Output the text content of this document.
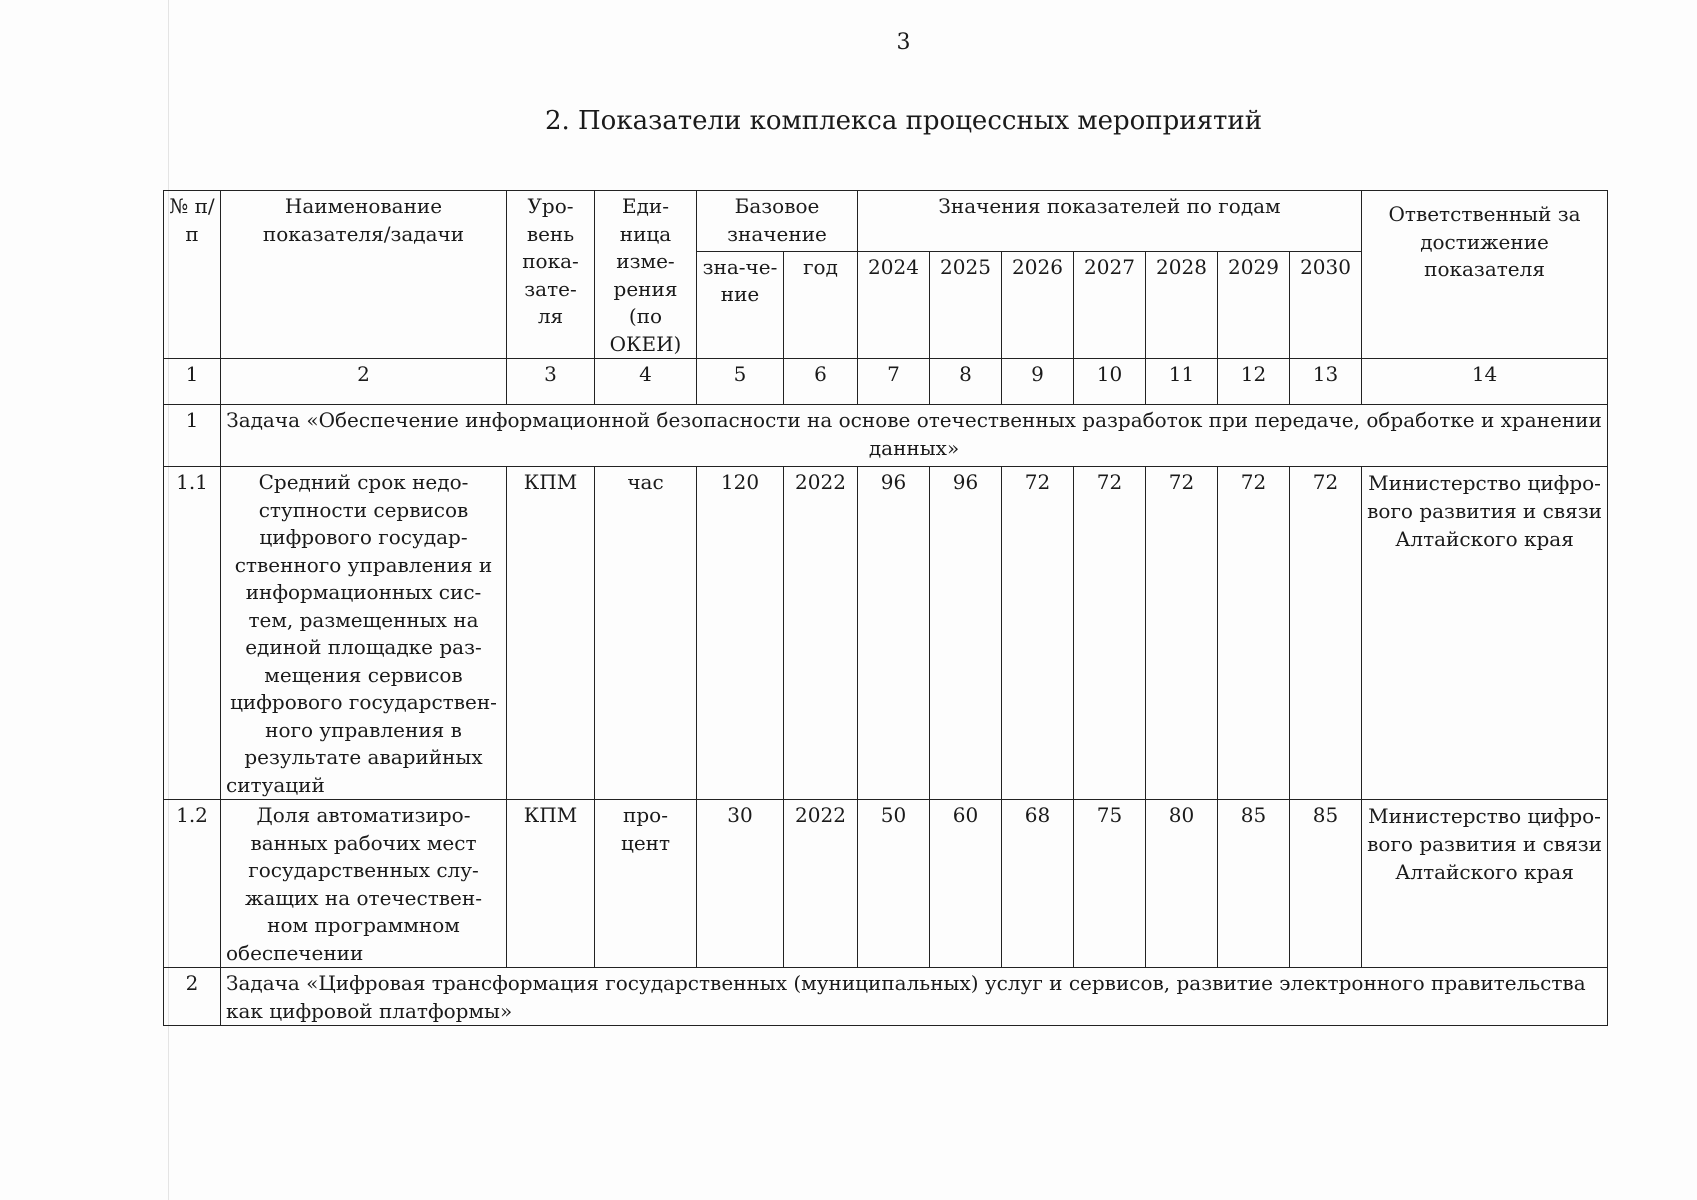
3
2. Показатели комплекса процессных мероприятий
№ п/п	Наименование показателя/задачи	Уро-вень пока-зате-ля	Еди-ница изме-рения (по ОКЕИ)	Базовое значение		Значения показателей по годам							Ответственный за достижение показателя
				зна-че-ние	год	2024	2025	2026	2027	2028	2029	2030	
1	2	3	4	5	6	7	8	9	10	11	12	13	14
1	Задача «Обеспечение информационной безопасности на основе отечественных разработок при передаче, обработке и хранении данных»												
1.1	Средний срок недо-ступности сервисов цифрового государ-ственного управления и информационных сис-тем, размещенных на единой площадке раз-мещения сервисов цифрового государствен-ного управления в результате аварийных ситуаций	КПМ	час	120	2022	96	96	72	72	72	72	72	Министерство цифро-вого развития и связи Алтайского края
1.2	Доля автоматизиро-ванных рабочих мест государственных слу-жащих на отечествен-ном программном обеспечении	КПМ	про-цент	30	2022	50	60	68	75	80	85	85	Министерство цифро-вого развития и связи Алтайского края
2	Задача «Цифровая трансформация государственных (муниципальных) услуг и сервисов, развитие электронного правительства как цифровой платформы»												
